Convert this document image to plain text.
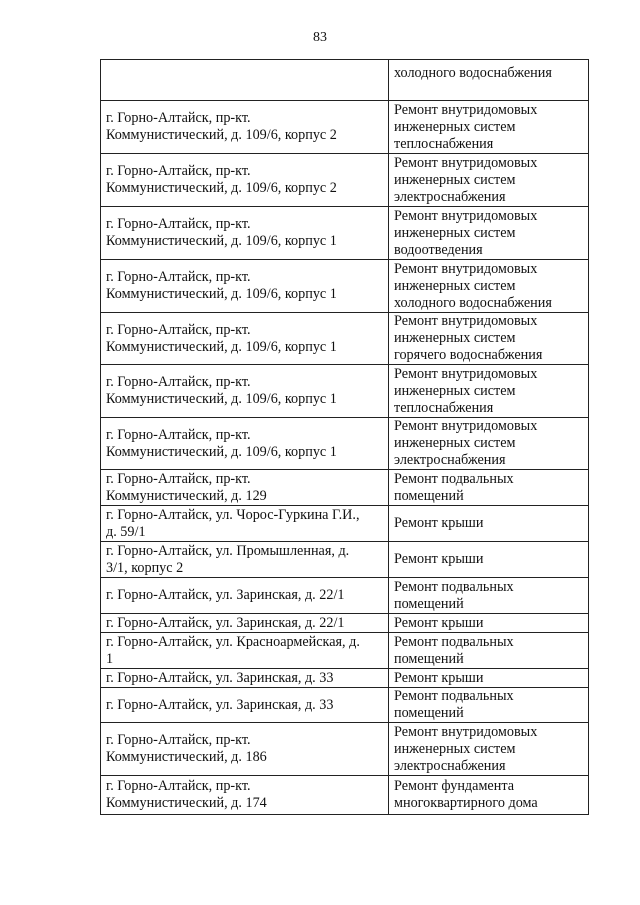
83
	холодного водоснабжения
г. Горно-Алтайск, пр-кт.
Коммунистический, д. 109/6, корпус 2	Ремонт внутридомовых
инженерных систем
теплоснабжения
г. Горно-Алтайск, пр-кт.
Коммунистический, д. 109/6, корпус 2	Ремонт внутридомовых
инженерных систем
электроснабжения
г. Горно-Алтайск, пр-кт.
Коммунистический, д. 109/6, корпус 1	Ремонт внутридомовых
инженерных систем
водоотведения
г. Горно-Алтайск, пр-кт.
Коммунистический, д. 109/6, корпус 1	Ремонт внутридомовых
инженерных систем
холодного водоснабжения
г. Горно-Алтайск, пр-кт.
Коммунистический, д. 109/6, корпус 1	Ремонт внутридомовых
инженерных систем
горячего водоснабжения
г. Горно-Алтайск, пр-кт.
Коммунистический, д. 109/6, корпус 1	Ремонт внутридомовых
инженерных систем
теплоснабжения
г. Горно-Алтайск, пр-кт.
Коммунистический, д. 109/6, корпус 1	Ремонт внутридомовых
инженерных систем
электроснабжения
г. Горно-Алтайск, пр-кт.
Коммунистический, д. 129	Ремонт подвальных
помещений
г. Горно-Алтайск, ул. Чорос-Гуркина Г.И.,
д. 59/1	Ремонт крыши
г. Горно-Алтайск, ул. Промышленная, д.
3/1, корпус 2	Ремонт крыши
г. Горно-Алтайск, ул. Заринская, д. 22/1	Ремонт подвальных
помещений
г. Горно-Алтайск, ул. Заринская, д. 22/1	Ремонт крыши
г. Горно-Алтайск, ул. Красноармейская, д.
1	Ремонт подвальных
помещений
г. Горно-Алтайск, ул. Заринская, д. 33	Ремонт крыши
г. Горно-Алтайск, ул. Заринская, д. 33	Ремонт подвальных
помещений
г. Горно-Алтайск, пр-кт.
Коммунистический, д. 186	Ремонт внутридомовых
инженерных систем
электроснабжения
г. Горно-Алтайск, пр-кт.
Коммунистический, д. 174	Ремонт фундамента
многоквартирного дома
